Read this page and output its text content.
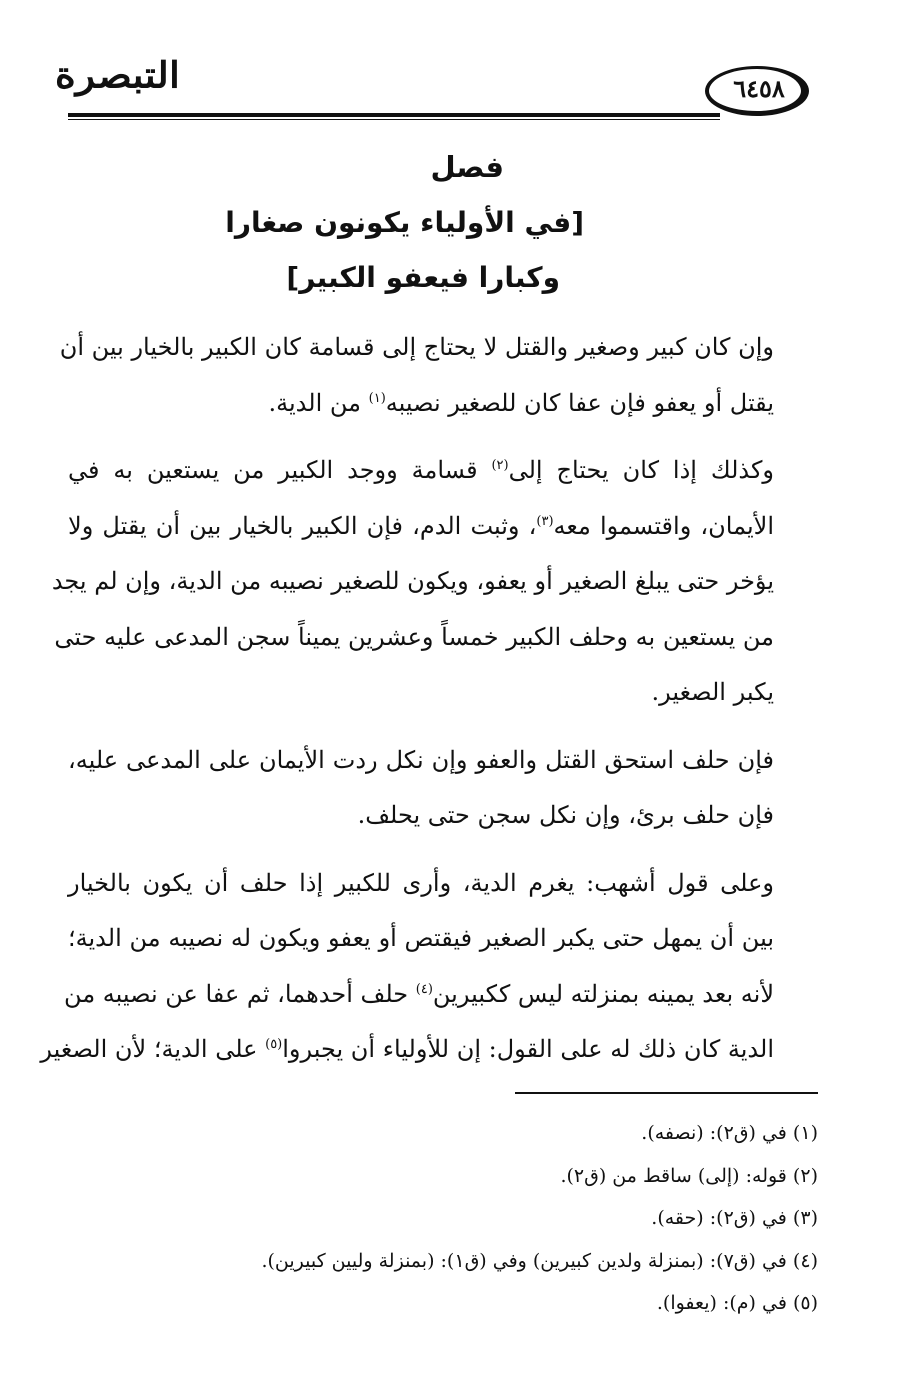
التبصرة	٦٤٥٨
فصل
[في الأولياء يكونون صغارا
وكبارا فيعفو الكبير]

وإن كان كبير وصغير والقتل لا يحتاج إلى قسامة كان الكبير بالخيار بين أن
يقتل أو يعفو فإن عفا كان للصغير نصيبه$^{(١)}$ من الدية.

وكذلك إذا كان يحتاج إلى$^{(٢)}$ قسامة ووجد الكبير من يستعين به في
الأيمان، واقتسموا معه$^{(٣)}$، وثبت الدم، فإن الكبير بالخيار بين أن يقتل ولا
يؤخر حتى يبلغ الصغير أو يعفو، ويكون للصغير نصيبه من الدية، وإن لم يجد
من يستعين به وحلف الكبير خمساً وعشرين يميناً سجن المدعى عليه حتى
يكبر الصغير.

فإن حلف استحق القتل والعفو وإن نكل ردت الأيمان على المدعى عليه،
فإن حلف برئ، وإن نكل سجن حتى يحلف.

وعلى قول أشهب: يغرم الدية، وأرى للكبير إذا حلف أن يكون بالخيار
بين أن يمهل حتى يكبر الصغير فيقتص أو يعفو ويكون له نصيبه من الدية؛
لأنه بعد يمينه بمنزلته ليس ككبيرين$^{(٤)}$ حلف أحدهما، ثم عفا عن نصيبه من
الدية كان ذلك له على القول: إن للأولياء أن يجبروا$^{(٥)}$ على الدية؛ لأن الصغير

(١) في (ق٢): (نصفه).
(٢) قوله: (إلى) ساقط من (ق٢).
(٣) في (ق٢): (حقه).
(٤) في (ق٧): (بمنزلة ولدين كبيرين) وفي (ق١): (بمنزلة وليين كبيرين).
(٥) في (م): (يعفوا).
